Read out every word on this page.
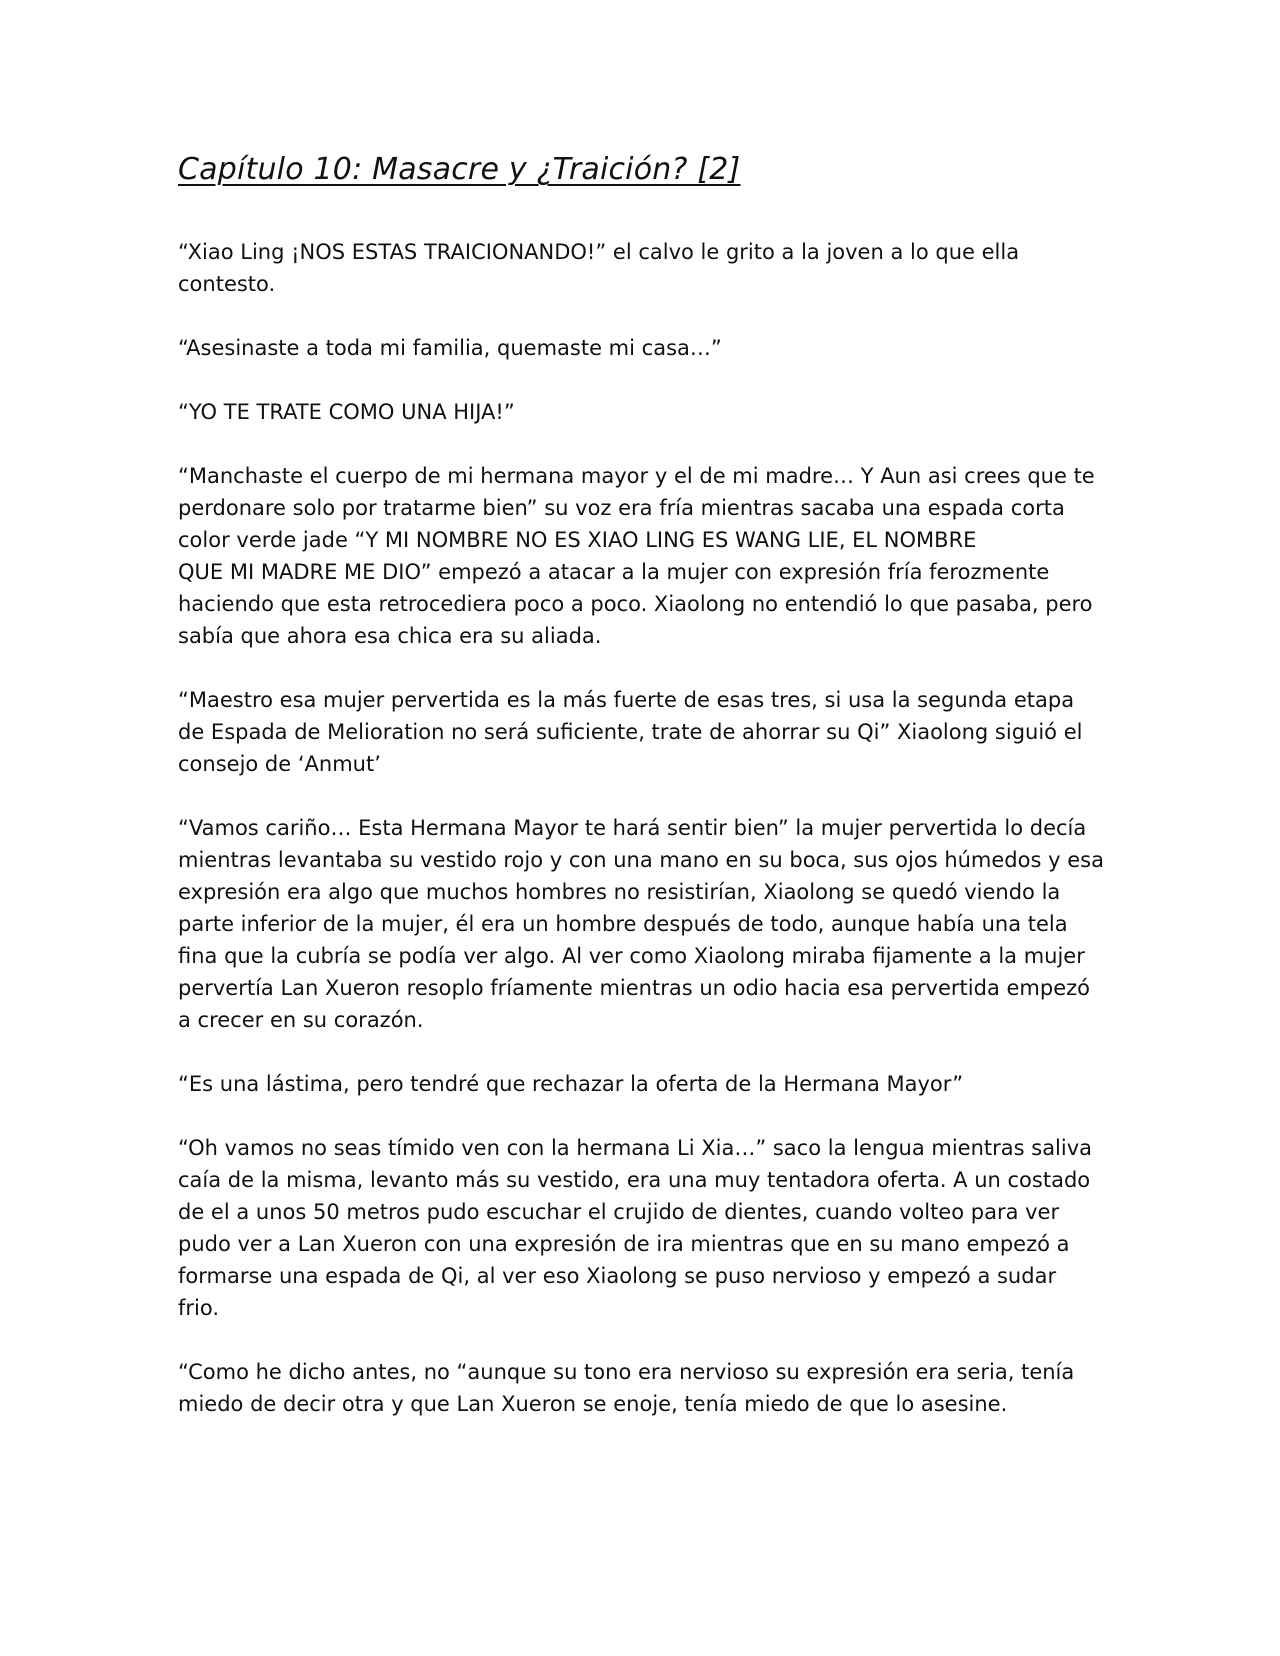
Capítulo 10: Masacre y ¿Traición? [2]

“Xiao Ling ¡NOS ESTAS TRAICIONANDO!” el calvo le grito a la joven a lo que ella
contesto.

“Asesinaste a toda mi familia, quemaste mi casa…”

“YO TE TRATE COMO UNA HIJA!”

“Manchaste el cuerpo de mi hermana mayor y el de mi madre… Y Aun asi crees que te
perdonare solo por tratarme bien” su voz era fría mientras sacaba una espada corta
color verde jade “Y MI NOMBRE NO ES XIAO LING ES WANG LIE, EL NOMBRE
QUE MI MADRE ME DIO” empezó a atacar a la mujer con expresión fría ferozmente
haciendo que esta retrocediera poco a poco. Xiaolong no entendió lo que pasaba, pero
sabía que ahora esa chica era su aliada.

“Maestro esa mujer pervertida es la más fuerte de esas tres, si usa la segunda etapa
de Espada de Melioration no será suficiente, trate de ahorrar su Qi” Xiaolong siguió el
consejo de ‘Anmut’

“Vamos cariño… Esta Hermana Mayor te hará sentir bien” la mujer pervertida lo decía
mientras levantaba su vestido rojo y con una mano en su boca, sus ojos húmedos y esa
expresión era algo que muchos hombres no resistirían, Xiaolong se quedó viendo la
parte inferior de la mujer, él era un hombre después de todo, aunque había una tela
fina que la cubría se podía ver algo. Al ver como Xiaolong miraba fijamente a la mujer
pervertía Lan Xueron resoplo fríamente mientras un odio hacia esa pervertida empezó
a crecer en su corazón.

“Es una lástima, pero tendré que rechazar la oferta de la Hermana Mayor”

“Oh vamos no seas tímido ven con la hermana Li Xia…” saco la lengua mientras saliva
caía de la misma, levanto más su vestido, era una muy tentadora oferta. A un costado
de el a unos 50 metros pudo escuchar el crujido de dientes, cuando volteo para ver
pudo ver a Lan Xueron con una expresión de ira mientras que en su mano empezó a
formarse una espada de Qi, al ver eso Xiaolong se puso nervioso y empezó a sudar
frio.

“Como he dicho antes, no “aunque su tono era nervioso su expresión era seria, tenía
miedo de decir otra y que Lan Xueron se enoje, tenía miedo de que lo asesine.
